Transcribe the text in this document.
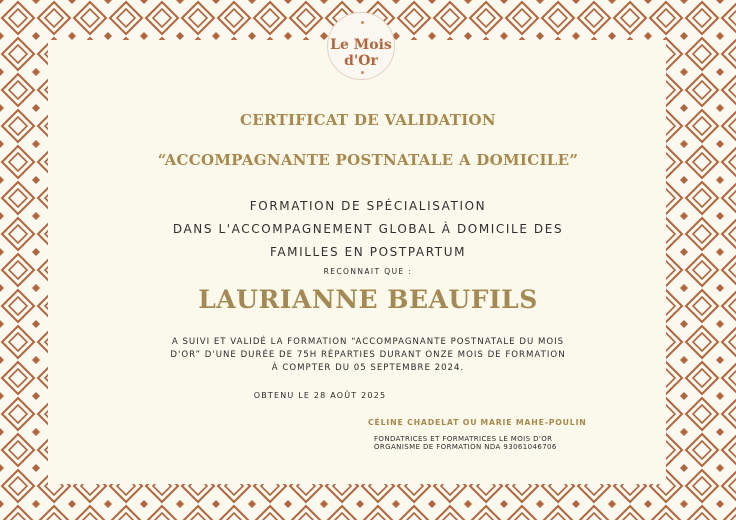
Le Mois
d'Or
CERTIFICAT DE VALIDATION
“ACCOMPAGNANTE POSTNATALE A DOMICILE”
FORMATION DE SPÉCIALISATION
DANS L'ACCOMPAGNEMENT GLOBAL À DOMICILE DES
FAMILLES EN POSTPARTUM
RECONNAIT QUE :
LAURIANNE BEAUFILS
A SUIVI ET VALIDÉ LA FORMATION “ACCOMPAGNANTE POSTNATALE DU MOIS
D'OR” D'UNE DURÉE DE 75H RÉPARTIES DURANT ONZE MOIS DE FORMATION
À COMPTER DU 05 SEPTEMBRE 2024.
OBTENU LE 28 AOÛT 2025
CÉLINE CHADELAT OU MARIE MAHE-POULIN
FONDATRICES ET FORMATRICES LE MOIS D'OR
ORGANISME DE FORMATION NDA 93061046706
